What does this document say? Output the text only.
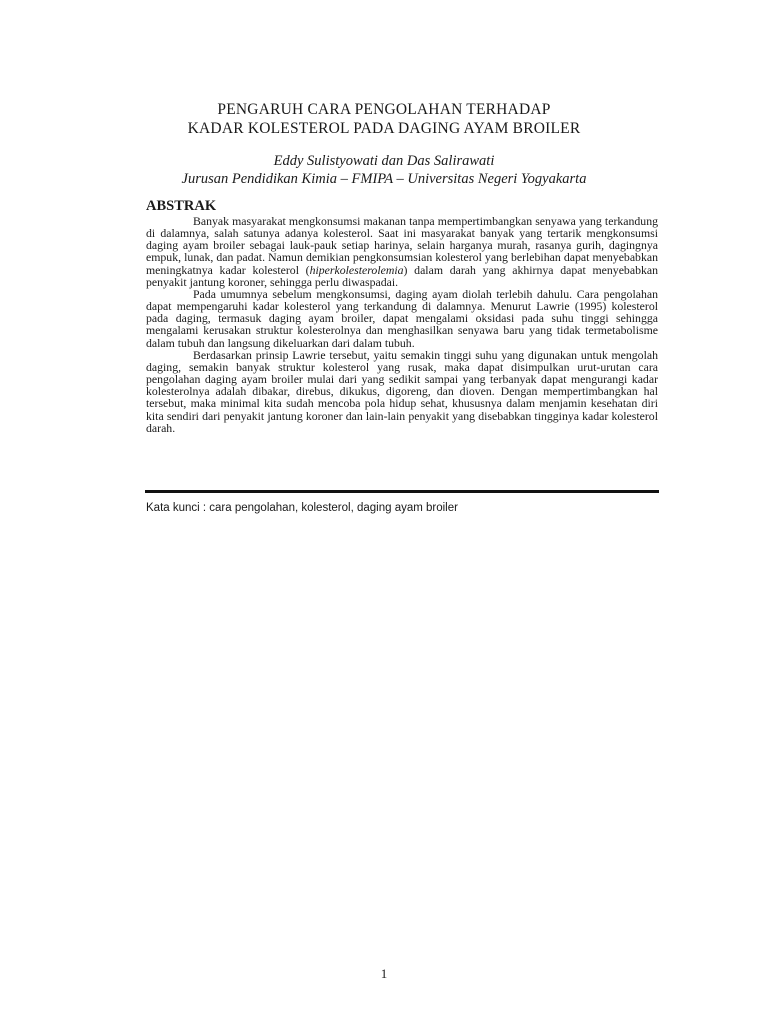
PENGARUH CARA PENGOLAHAN TERHADAP
KADAR KOLESTEROL PADA DAGING AYAM BROILER
Eddy Sulistyowati dan Das Salirawati
Jurusan Pendidikan Kimia – FMIPA – Universitas Negeri Yogyakarta
ABSTRAK

Banyak masyarakat mengkonsumsi makanan tanpa mempertimbangkan senyawa yang terkandung di dalamnya, salah satunya adanya kolesterol. Saat ini masyarakat banyak yang tertarik mengkonsumsi daging ayam broiler sebagai lauk-pauk setiap harinya, selain harganya murah, rasanya gurih, dagingnya empuk, lunak, dan padat. Namun demikian pengkonsumsian kolesterol yang berlebihan dapat menyebabkan meningkatnya kadar kolesterol (hiperkolesterolemia) dalam darah yang akhirnya dapat menyebabkan penyakit jantung koroner, sehingga perlu diwaspadai.

Pada umumnya sebelum mengkonsumsi, daging ayam diolah terlebih dahulu. Cara pengolahan dapat mempengaruhi kadar kolesterol yang terkandung di dalamnya. Menurut Lawrie (1995) kolesterol pada daging, termasuk daging ayam broiler, dapat mengalami oksidasi pada suhu tinggi sehingga mengalami kerusakan struktur kolesterolnya dan menghasilkan senyawa baru yang tidak termetabolisme dalam tubuh dan langsung dikeluarkan dari dalam tubuh.

Berdasarkan prinsip Lawrie tersebut, yaitu semakin tinggi suhu yang digunakan untuk mengolah daging, semakin banyak struktur kolesterol yang rusak, maka dapat disimpulkan urut-urutan cara pengolahan daging ayam broiler mulai dari yang sedikit sampai yang terbanyak dapat mengurangi kadar kolesterolnya adalah dibakar, direbus, dikukus, digoreng, dan dioven. Dengan mempertimbangkan hal tersebut, maka minimal kita sudah mencoba pola hidup sehat, khususnya dalam menjamin kesehatan diri kita sendiri dari penyakit jantung koroner dan lain-lain penyakit yang disebabkan tingginya kadar kolesterol darah.

Kata kunci : cara pengolahan, kolesterol, daging ayam broiler
1
